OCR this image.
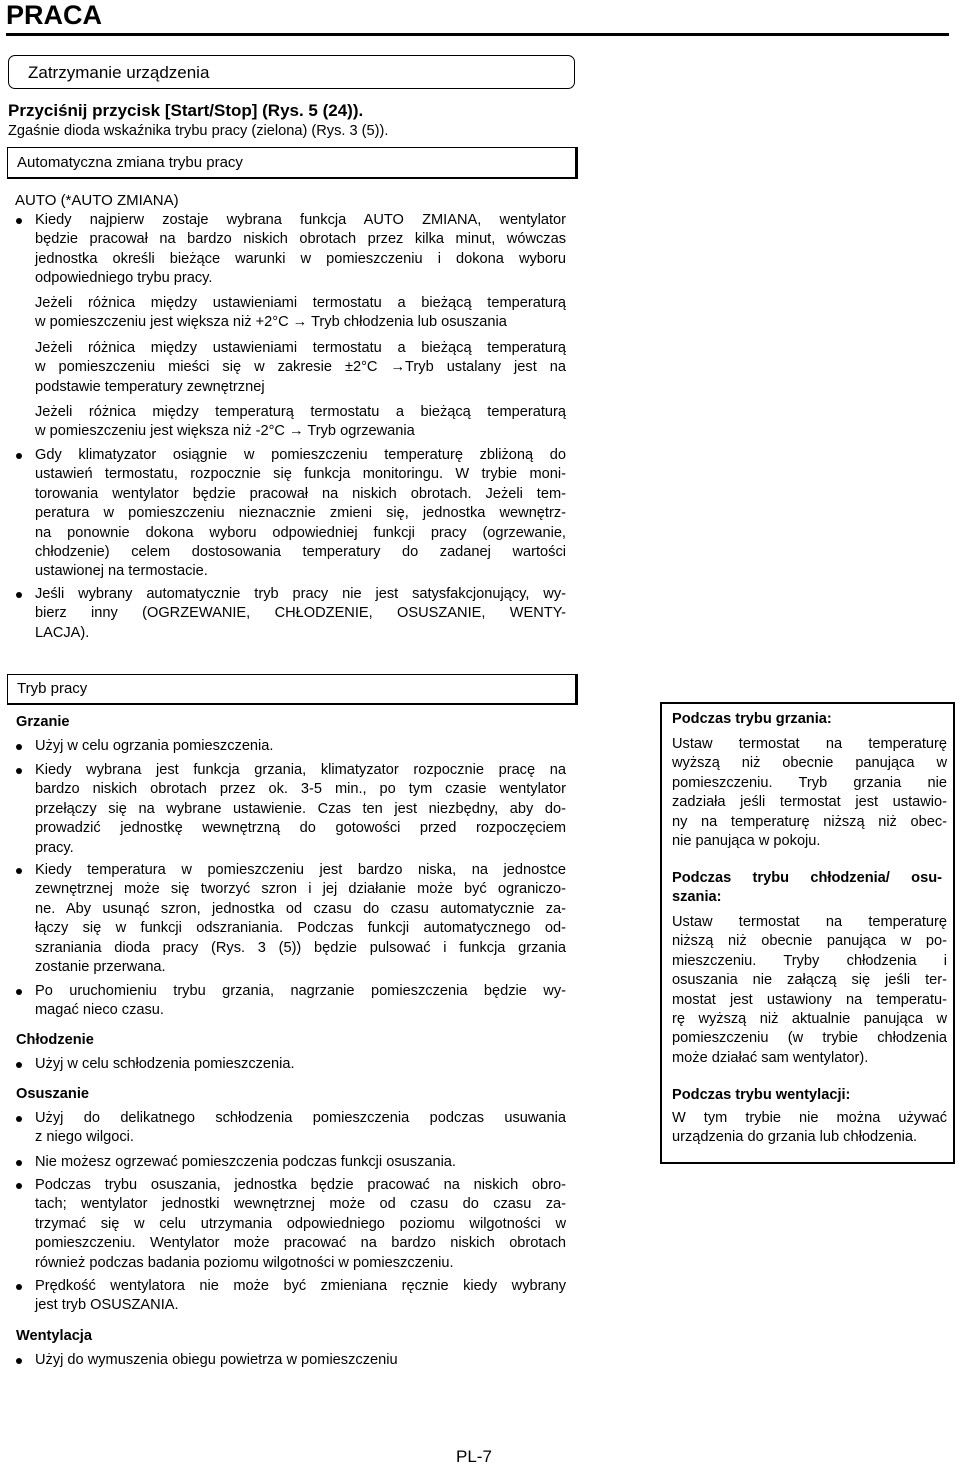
PRACA
Zatrzymanie urządzenia
Przyciśnij przycisk [Start/Stop] (Rys. 5 (24)).
Zgaśnie dioda wskaźnika trybu pracy (zielona) (Rys. 3 (5)).
Automatyczna zmiana trybu pracy
AUTO (*AUTO ZMIANA)
Kiedy najpierw zostaje wybrana funkcja AUTO ZMIANA, wentylator
będzie pracował na bardzo niskich obrotach przez kilka minut, wówczas
jednostka określi bieżące warunki w pomieszczeniu i dokona wyboru
odpowiedniego trybu pracy.
Jeżeli różnica między ustawieniami termostatu a bieżącą temperaturą
w pomieszczeniu jest większa niż +2°C → Tryb chłodzenia lub osuszania
Jeżeli różnica między ustawieniami termostatu a bieżącą temperaturą
w pomieszczeniu mieści się w zakresie ±2°C →Tryb ustalany jest na
podstawie temperatury zewnętrznej
Jeżeli różnica między temperaturą termostatu a bieżącą temperaturą
w pomieszczeniu jest większa niż -2°C → Tryb ogrzewania
Gdy klimatyzator osiągnie w pomieszczeniu temperaturę zbliżoną do
ustawień termostatu, rozpocznie się funkcja monitoringu. W trybie moni-
torowania wentylator będzie pracował na niskich obrotach. Jeżeli tem-
peratura w pomieszczeniu nieznacznie zmieni się, jednostka wewnętrz-
na ponownie dokona wyboru odpowiedniej funkcji pracy (ogrzewanie,
chłodzenie) celem dostosowania temperatury do zadanej wartości
ustawionej na termostacie.
Jeśli wybrany automatycznie tryb pracy nie jest satysfakcjonujący, wy-
bierz inny (OGRZEWANIE, CHŁODZENIE, OSUSZANIE, WENTY-
LACJA).
Tryb pracy
Grzanie
Użyj w celu ogrzania pomieszczenia.
Kiedy wybrana jest funkcja grzania, klimatyzator rozpocznie pracę na
bardzo niskich obrotach przez ok. 3-5 min., po tym czasie wentylator
przełączy się na wybrane ustawienie. Czas ten jest niezbędny, aby do-
prowadzić jednostkę wewnętrzną do gotowości przed rozpoczęciem
pracy.
Kiedy temperatura w pomieszczeniu jest bardzo niska, na jednostce
zewnętrznej może się tworzyć szron i jej działanie może być ograniczo-
ne. Aby usunąć szron, jednostka od czasu do czasu automatycznie za-
łączy się w funkcji odszraniania. Podczas funkcji automatycznego od-
szraniania dioda pracy (Rys. 3 (5)) będzie pulsować i funkcja grzania
zostanie przerwana.
Po uruchomieniu trybu grzania, nagrzanie pomieszczenia będzie wy-
magać nieco czasu.
Chłodzenie
Użyj w celu schłodzenia pomieszczenia.
Osuszanie
Użyj do delikatnego schłodzenia pomieszczenia podczas usuwania
z niego wilgoci.
Nie możesz ogrzewać pomieszczenia podczas funkcji osuszania.
Podczas trybu osuszania, jednostka będzie pracować na niskich obro-
tach; wentylator jednostki wewnętrznej może od czasu do czasu za-
trzymać się w celu utrzymania odpowiedniego poziomu wilgotności w
pomieszczeniu. Wentylator może pracować na bardzo niskich obrotach
również podczas badania poziomu wilgotności w pomieszczeniu.
Prędkość wentylatora nie może być zmieniana ręcznie kiedy wybrany
jest tryb OSUSZANIA.
Wentylacja
Użyj do wymuszenia obiegu powietrza w pomieszczeniu
Podczas trybu grzania:
Ustaw termostat na temperaturę
wyższą niż obecnie panująca w
pomieszczeniu. Tryb grzania nie
zadziała jeśli termostat jest ustawio-
ny na temperaturę niższą niż obec-
nie panująca w pokoju.
Podczas trybu chłodzenia/ osu-
szania:
Ustaw termostat na temperaturę
niższą niż obecnie panująca w po-
mieszczeniu. Tryby chłodzenia i
osuszania nie załączą się jeśli ter-
mostat jest ustawiony na temperatu-
rę wyższą niż aktualnie panująca w
pomieszczeniu (w trybie chłodzenia
może działać sam wentylator).
Podczas trybu wentylacji:
W tym trybie nie można używać
urządzenia do grzania lub chłodzenia.
PL-7
